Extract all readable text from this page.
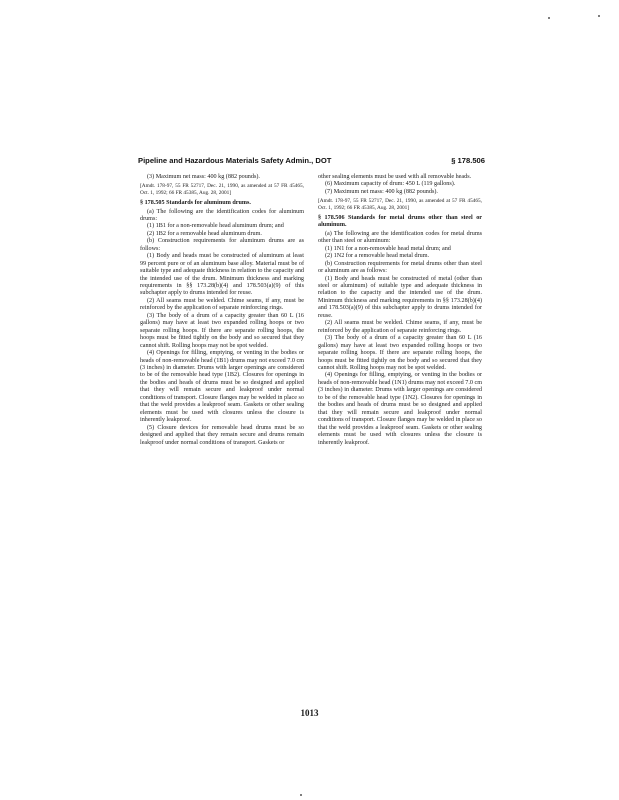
Pipeline and Hazardous Materials Safety Admin., DOT	§ 178.506

(3) Maximum net mass: 400 kg (882 pounds).

[Amdt. 178-97, 55 FR 52717, Dec. 21, 1990, as amended at 57 FR 45465, Oct. 1, 1992; 66 FR 45385, Aug. 28, 2001]

§ 178.505 Standards for aluminum drums.

(a) The following are the identification codes for aluminum drums:

(1) 1B1 for a non-removable head aluminum drum; and

(2) 1B2 for a removable head aluminum drum.

(b) Construction requirements for aluminum drums are as follows:

(1) Body and heads must be constructed of aluminum at least 99 percent pure or of an aluminum base alloy. Material must be of suitable type and adequate thickness in relation to the capacity and the intended use of the drum. Minimum thickness and marking requirements in §§ 173.28(b)(4) and 178.503(a)(9) of this subchapter apply to drums intended for reuse.

(2) All seams must be welded. Chime seams, if any, must be reinforced by the application of separate reinforcing rings.

(3) The body of a drum of a capacity greater than 60 L (16 gallons) may have at least two expanded rolling hoops or two separate rolling hoops. If there are separate rolling hoops, the hoops must be fitted tightly on the body and so secured that they cannot shift. Rolling hoops may not be spot welded.

(4) Openings for filling, emptying, or venting in the bodies or heads of non-removable head (1B1) drums may not exceed 7.0 cm (3 inches) in diameter. Drums with larger openings are considered to be of the removable head type (1B2). Closures for openings in the bodies and heads of drums must be so designed and applied that they will remain secure and leakproof under normal conditions of transport. Closure flanges may be welded in place so that the weld provides a leakproof seam. Gaskets or other sealing elements must be used with closures unless the closure is inherently leakproof.

(5) Closure devices for removable head drums must be so designed and applied that they remain secure and drums remain leakproof under normal conditions of transport. Gaskets or

other sealing elements must be used with all removable heads.

(6) Maximum capacity of drum: 450 L (119 gallons).

(7) Maximum net mass: 400 kg (882 pounds).

[Amdt. 178-97, 55 FR 52717, Dec. 21, 1990, as amended at 57 FR 45465, Oct. 1, 1992; 66 FR 45385, Aug. 28, 2001]

§ 178.506 Standards for metal drums other than steel or aluminum.

(a) The following are the identification codes for metal drums other than steel or aluminum:

(1) 1N1 for a non-removable head metal drum; and

(2) 1N2 for a removable head metal drum.

(b) Construction requirements for metal drums other than steel or aluminum are as follows:

(1) Body and heads must be constructed of metal (other than steel or aluminum) of suitable type and adequate thickness in relation to the capacity and the intended use of the drum. Minimum thickness and marking requirements in §§ 173.28(b)(4) and 178.503(a)(9) of this subchapter apply to drums intended for reuse.

(2) All seams must be welded. Chime seams, if any, must be reinforced by the application of separate reinforcing rings.

(3) The body of a drum of a capacity greater than 60 L (16 gallons) may have at least two expanded rolling hoops or two separate rolling hoops. If there are separate rolling hoops, the hoops must be fitted tightly on the body and so secured that they cannot shift. Rolling hoops may not be spot welded.

(4) Openings for filling, emptying, or venting in the bodies or heads of non-removable head (1N1) drums may not exceed 7.0 cm (3 inches) in diameter. Drums with larger openings are considered to be of the removable head type (1N2). Closures for openings in the bodies and heads of drums must be so designed and applied that they will remain secure and leakproof under normal conditions of transport. Closure flanges may be welded in place so that the weld provides a leakproof seam. Gaskets or other sealing elements must be used with closures unless the closure is inherently leakproof.

1013
